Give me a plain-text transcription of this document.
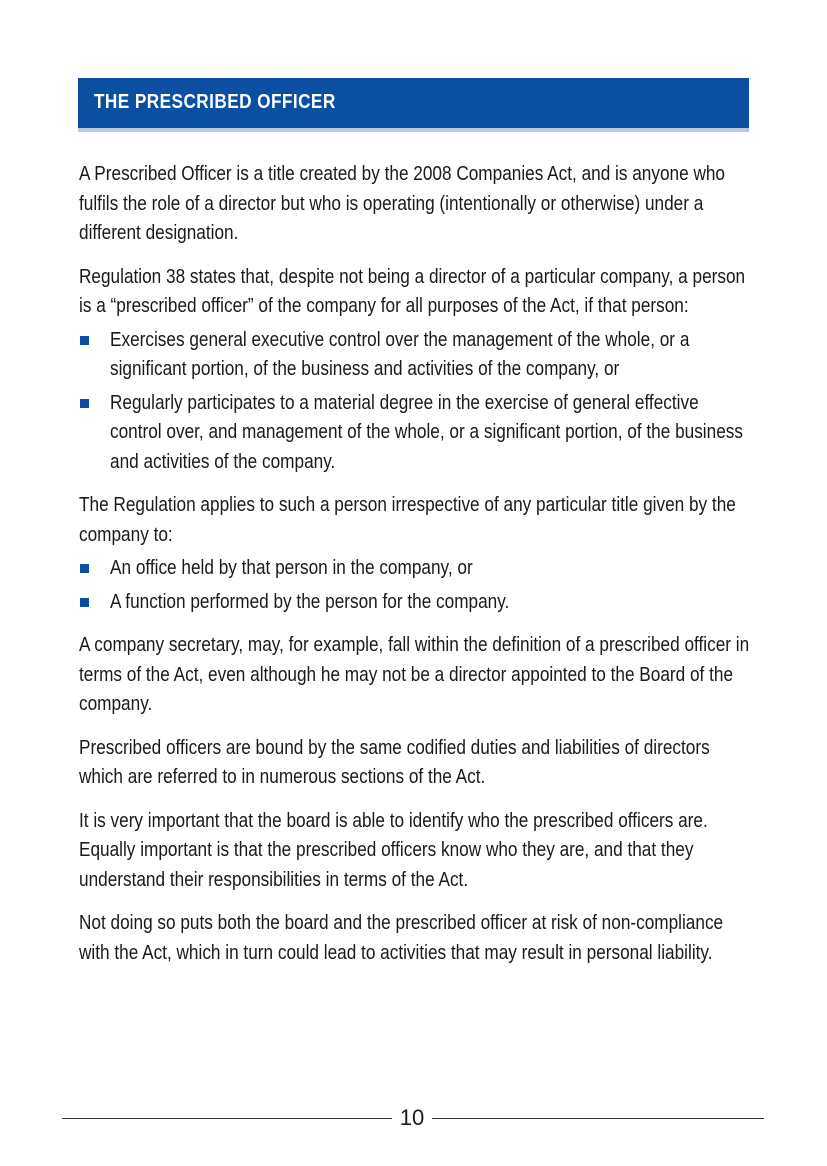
THE PRESCRIBED OFFICER

A Prescribed Officer is a title created by the 2008 Companies Act, and is anyone who fulfils the role of a director but who is operating (intentionally or otherwise) under a different designation.

Regulation 38 states that, despite not being a director of a particular company, a person is a “prescribed officer” of the company for all purposes of the Act, if that person:

Exercises general executive control over the management of the whole, or a significant portion, of the business and activities of the company, or
Regularly participates to a material degree in the exercise of general effective control over, and management of the whole, or a significant portion, of the business and activities of the company.

The Regulation applies to such a person irrespective of any particular title given by the company to:

An office held by that person in the company, or
A function performed by the person for the company.

A company secretary, may, for example, fall within the definition of a prescribed officer in terms of the Act, even although he may not be a director appointed to the Board of the company.

Prescribed officers are bound by the same codified duties and liabilities of directors which are referred to in numerous sections of the Act.

It is very important that the board is able to identify who the prescribed officers are. Equally important is that the prescribed officers know who they are, and that they understand their responsibilities in terms of the Act.

Not doing so puts both the board and the prescribed officer at risk of non-compliance with the Act, which in turn could lead to activities that may result in personal liability.

10
